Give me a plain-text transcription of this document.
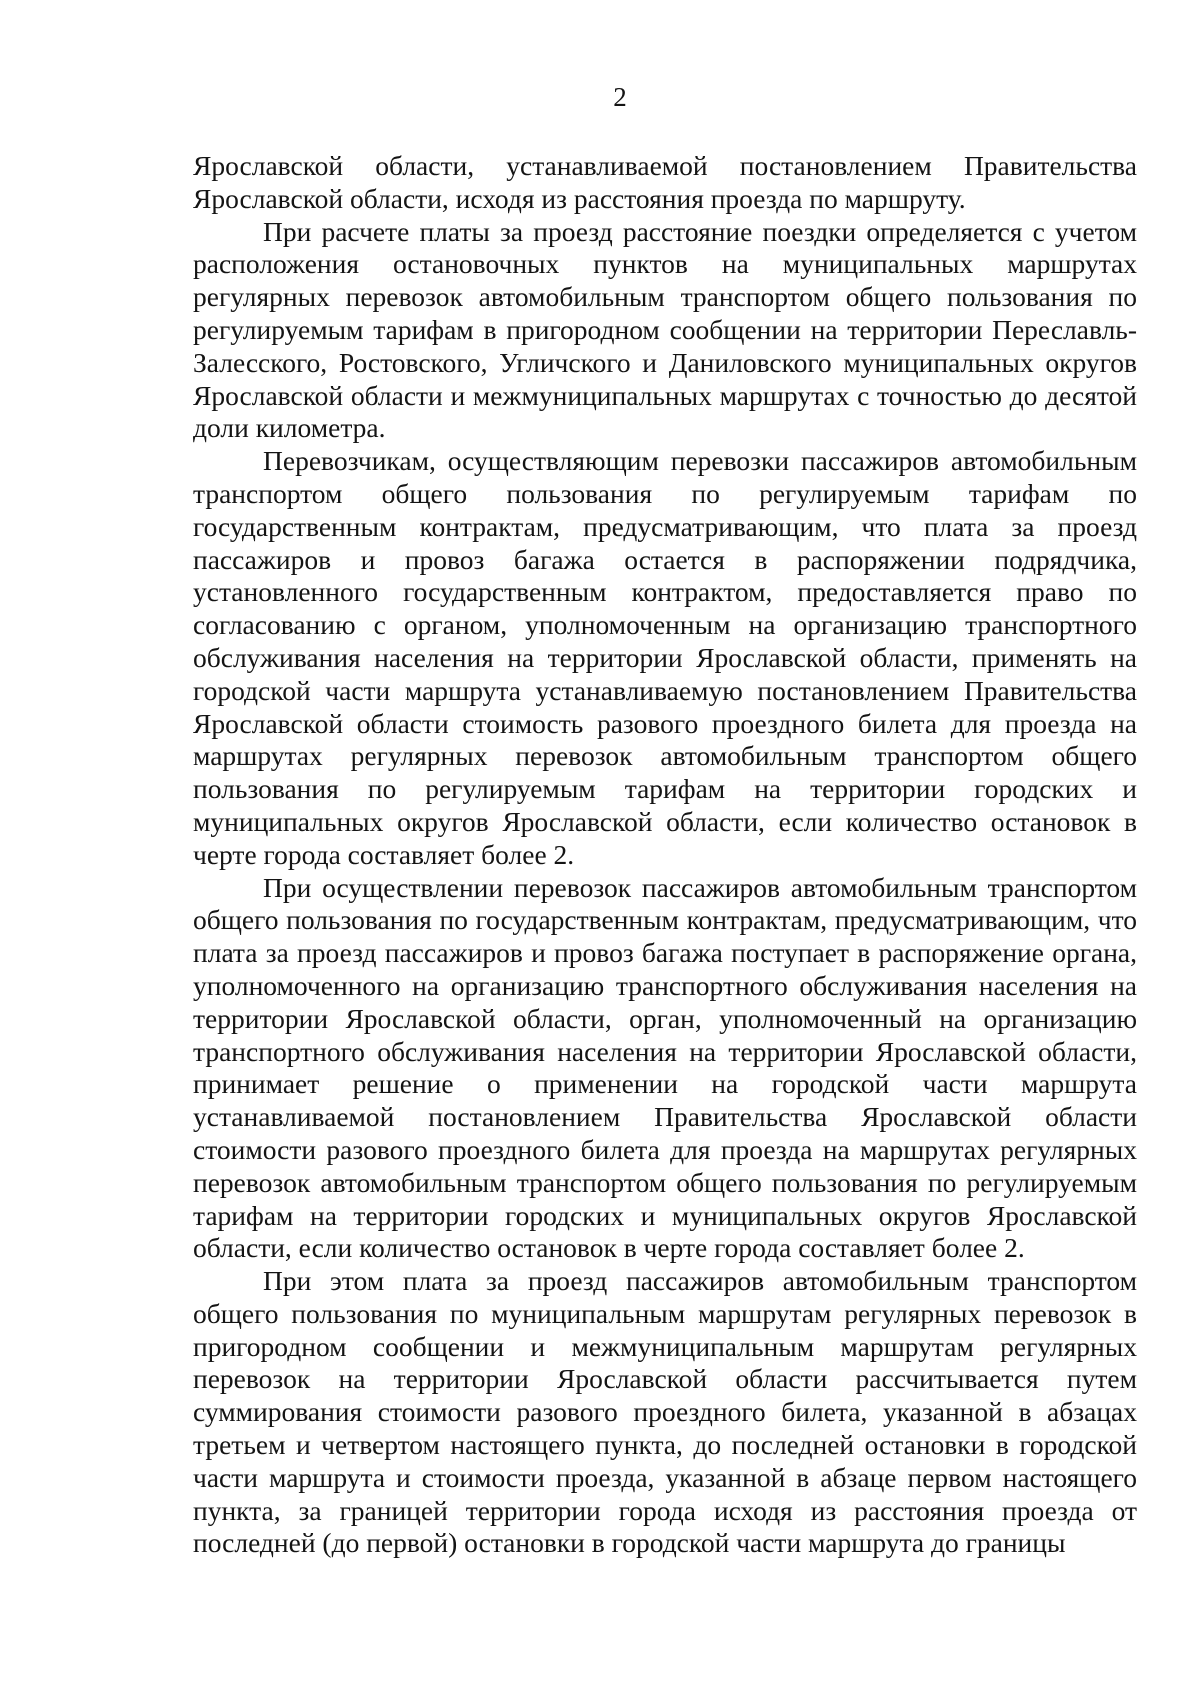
2

Ярославской области, устанавливаемой постановлением Правительства Ярославской области, исходя из расстояния проезда по маршруту.

При расчете платы за проезд расстояние поездки определяется с учетом расположения остановочных пунктов на муниципальных маршрутах регулярных перевозок автомобильным транспортом общего пользования по регулируемым тарифам в пригородном сообщении на территории Переславль-Залесского, Ростовского, Угличского и Даниловского муниципальных округов Ярославской области и межмуниципальных маршрутах с точностью до десятой доли километра.

Перевозчикам, осуществляющим перевозки пассажиров автомобильным транспортом общего пользования по регулируемым тарифам по государственным контрактам, предусматривающим, что плата за проезд пассажиров и провоз багажа остается в распоряжении подрядчика, установленного государственным контрактом, предоставляется право по согласованию с органом, уполномоченным на организацию транспортного обслуживания населения на территории Ярославской области, применять на городской части маршрута устанавливаемую постановлением Правительства Ярославской области стоимость разового проездного билета для проезда на маршрутах регулярных перевозок автомобильным транспортом общего пользования по регулируемым тарифам на территории городских и муниципальных округов Ярославской области, если количество остановок в черте города составляет более 2.

При осуществлении перевозок пассажиров автомобильным транспортом общего пользования по государственным контрактам, предусматривающим, что плата за проезд пассажиров и провоз багажа поступает в распоряжение органа, уполномоченного на организацию транспортного обслуживания населения на территории Ярославской области, орган, уполномоченный на организацию транспортного обслуживания населения на территории Ярославской области, принимает решение о применении на городской части маршрута устанавливаемой постановлением Правительства Ярославской области стоимости разового проездного билета для проезда на маршрутах регулярных перевозок автомобильным транспортом общего пользования по регулируемым тарифам на территории городских и муниципальных округов Ярославской области, если количество остановок в черте города составляет более 2.

При этом плата за проезд пассажиров автомобильным транспортом общего пользования по муниципальным маршрутам регулярных перевозок в пригородном сообщении и межмуниципальным маршрутам регулярных перевозок на территории Ярославской области рассчитывается путем суммирования стоимости разового проездного билета, указанной в абзацах третьем и четвертом настоящего пункта, до последней остановки в городской части маршрута и стоимости проезда, указанной в абзаце первом настоящего пункта, за границей территории города исходя из расстояния проезда от последней (до первой) остановки в городской части маршрута до границы
